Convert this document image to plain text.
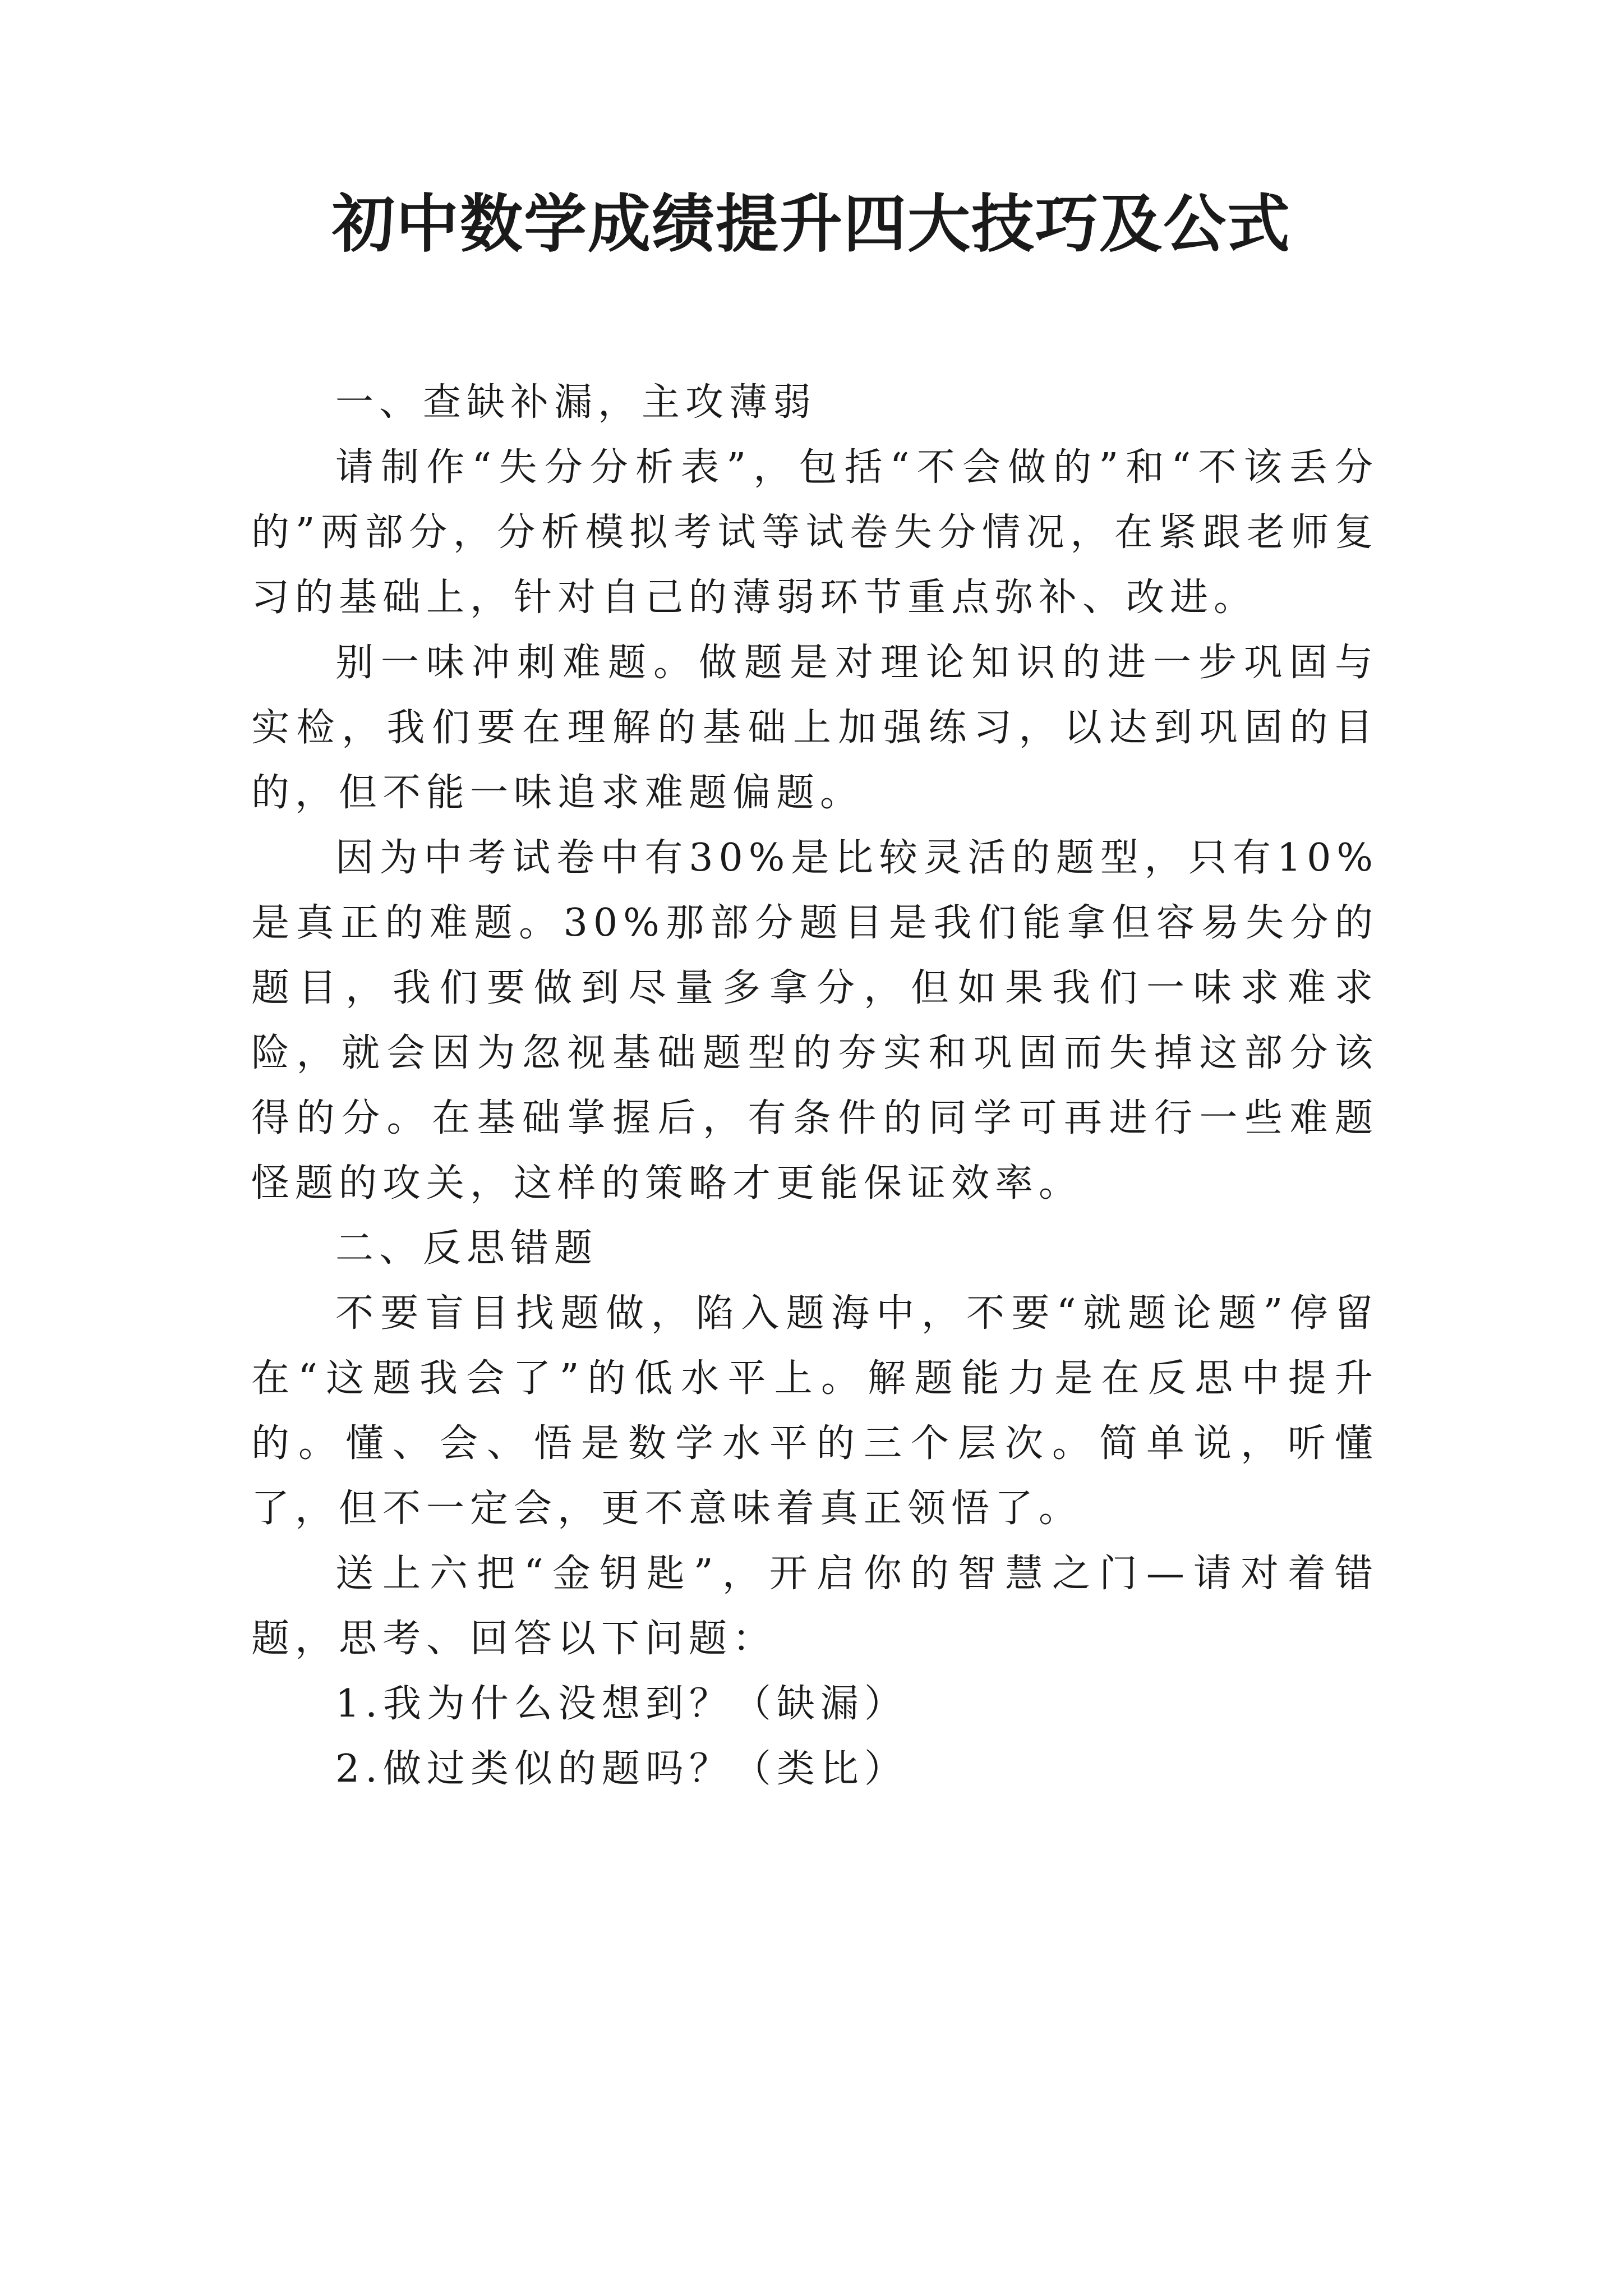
初中数学成绩提升四大技巧及公式

一、查缺补漏，主攻薄弱

请制作“失分分析表”，包括“不会做的”和“不该丢分的”两部分，分析模拟考试等试卷失分情况，在紧跟老师复习的基础上，针对自己的薄弱环节重点弥补、改进。

别一味冲刺难题。做题是对理论知识的进一步巩固与实检，我们要在理解的基础上加强练习，以达到巩固的目的，但不能一味追求难题偏题。

因为中考试卷中有30%是比较灵活的题型，只有10%是真正的难题。30%那部分题目是我们能拿但容易失分的题目，我们要做到尽量多拿分，但如果我们一味求难求险，就会因为忽视基础题型的夯实和巩固而失掉这部分该得的分。在基础掌握后，有条件的同学可再进行一些难题怪题的攻关，这样的策略才更能保证效率。

二、反思错题

不要盲目找题做，陷入题海中，不要“就题论题”停留在“这题我会了”的低水平上。解题能力是在反思中提升的。懂、会、悟是数学水平的三个层次。简单说，听懂了，但不一定会，更不意味着真正领悟了。

送上六把“金钥匙”，开启你的智慧之门—请对着错题，思考、回答以下问题：

1.我为什么没想到？（缺漏）

2.做过类似的题吗？（类比）
